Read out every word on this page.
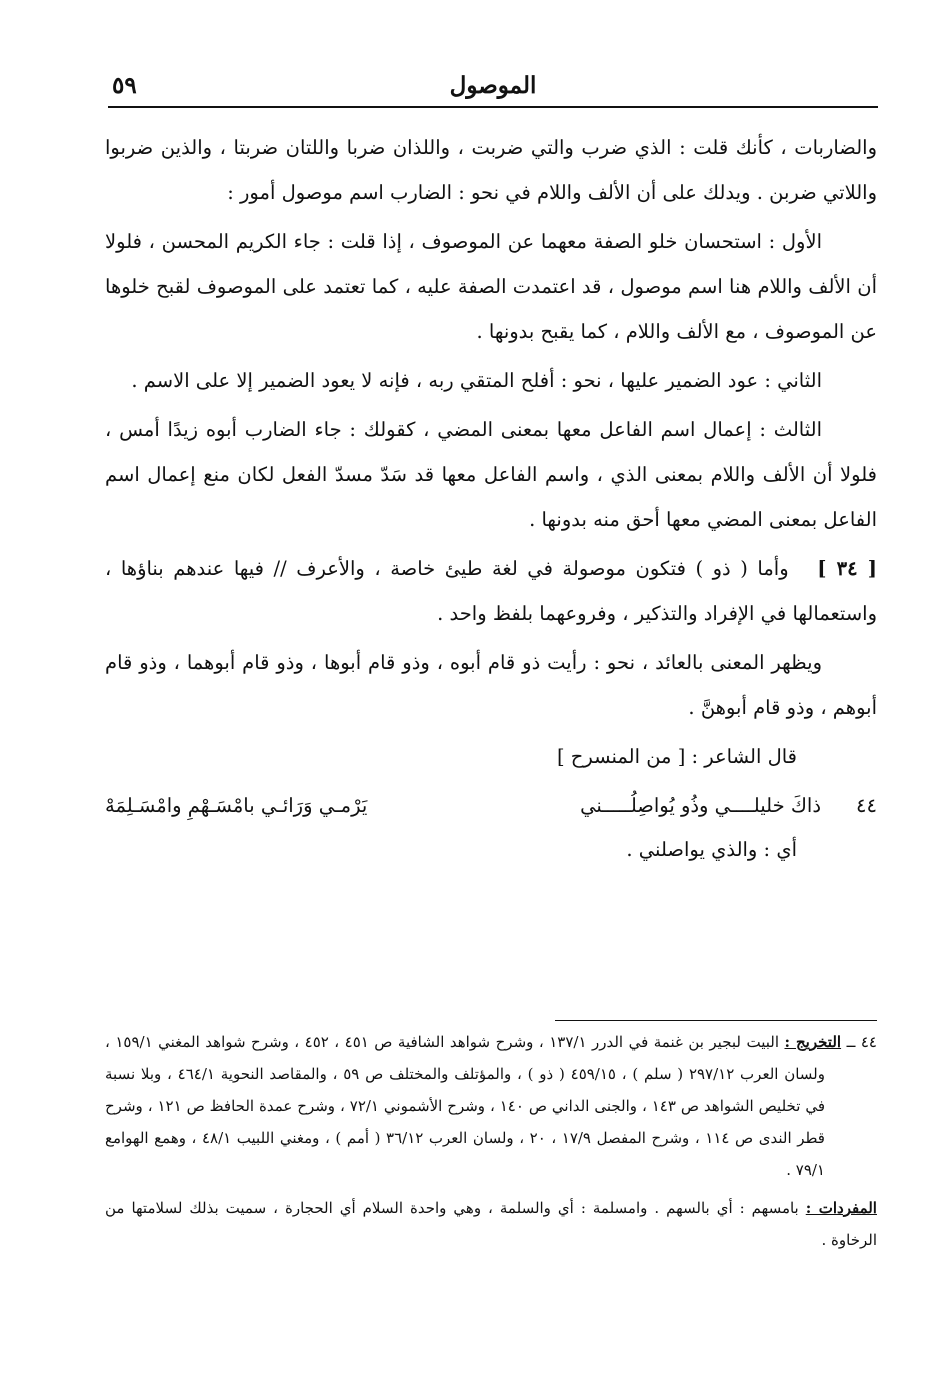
الموصول
٥٩

والضاربات ، كأنك قلت : الذي ضرب والتي ضربت ، واللذان ضربا واللتان ضربتا ، والذين ضربوا واللاتي ضربن . ويدلك على أن الألف واللام في نحو : الضارب اسم موصول أمور :

الأول : استحسان خلو الصفة معهما عن الموصوف ، إذا قلت : جاء الكريم المحسن ، فلولا أن الألف واللام هنا اسم موصول ، قد اعتمدت الصفة عليه ، كما تعتمد على الموصوف لقبح خلوها عن الموصوف ، مع الألف واللام ، كما يقبح بدونها .

الثاني : عود الضمير عليها ، نحو : أفلح المتقي ربه ، فإنه لا يعود الضمير إلا على الاسم .

الثالث : إعمال اسم الفاعل معها بمعنى المضي ، كقولك : جاء الضارب أبوه زيدًا أمس ، فلولا أن الألف واللام بمعنى الذي ، واسم الفاعل معها قد سَدّ مسدّ الفعل لكان منع إعمال اسم الفاعل بمعنى المضي معها أحق منه بدونها .

[ ٣٤ ]   وأما ( ذو ) فتكون موصولة في لغة طيئ خاصة ، والأعرف // فيها عندهم بناؤها ، واستعمالها في الإفراد والتذكير ، وفروعهما بلفظ واحد .

ويظهر المعنى بالعائد ، نحو : رأيت ذو قام أبوه ، وذو قام أبوها ، وذو قام أبوهما ، وذو قام أبوهم ، وذو قام أبوهنَّ .

قال الشاعر : [ من المنسرح ]

٤٤
ذاكَ خليلــــي وذُو يُواصِلُـــــني
يَرْمـي وَرَائـي بامْسَـهْمِ وامْسَـلِمَهْ

أي : والذي يواصلني .

٤٤ ــ التخريج : البيت لبجير بن غنمة في الدرر ١٣٧/١ ، وشرح شواهد الشافية ص ٤٥١ ، ٤٥٢ ، وشرح شواهد المغني ١٥٩/١ ، ولسان العرب ٢٩٧/١٢ ( سلم ) ، ٤٥٩/١٥ ( ذو ) ، والمؤتلف والمختلف ص ٥٩ ، والمقاصد النحوية ٤٦٤/١ ، وبلا نسبة في تخليص الشواهد ص ١٤٣ ، والجنى الداني ص ١٤٠ ، وشرح الأشموني ٧٢/١ ، وشرح عمدة الحافظ ص ١٢١ ، وشرح قطر الندى ص ١١٤ ، وشرح المفصل ١٧/٩ ، ٢٠ ، ولسان العرب ٣٦/١٢ ( أمم ) ، ومغني اللبيب ٤٨/١ ، وهمع الهوامع ٧٩/١ .
المفردات : بامسهم : أي بالسهم . وامسلمة : أي والسلمة ، وهي واحدة السلام أي الحجارة ، سميت بذلك لسلامتها من الرخاوة .
